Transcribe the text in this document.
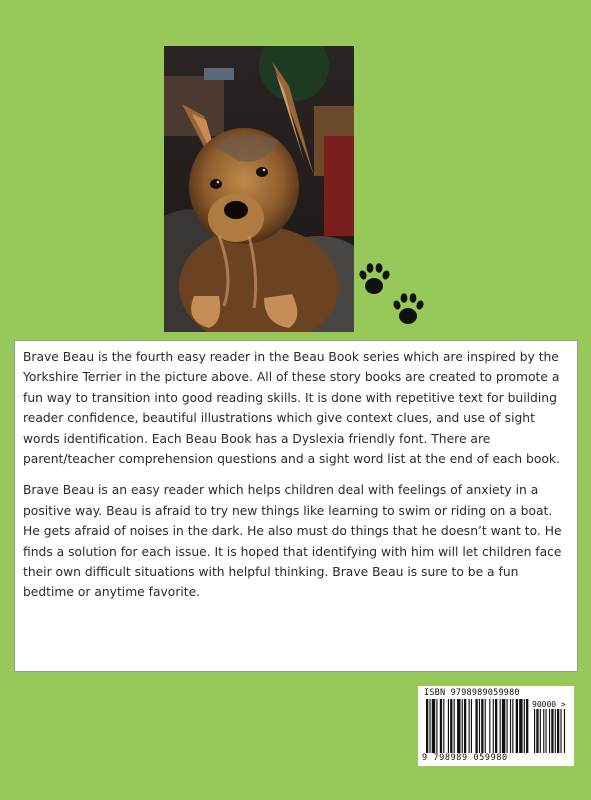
Brave Beau is the fourth easy reader in the Beau Book series which are inspired by the Yorkshire Terrier in the picture above. All of these story books are created to promote a fun way to transition into good reading skills. It is done with repetitive text for building reader confidence, beautiful illustrations which give context clues, and use of sight words identification. Each Beau Book has a Dyslexia friendly font. There are parent/teacher comprehension questions and a sight word list at the end of each book.

Brave Beau is an easy reader which helps children deal with feelings of anxiety in a positive way. Beau is afraid to try new things like learning to swim or riding on a boat. He gets afraid of noises in the dark. He also must do things that he doesn’t want to. He finds a solution for each issue. It is hoped that identifying with him will let children face their own difficult situations with helpful thinking. Brave Beau is sure to be a fun bedtime or anytime favorite.

ISBN 9798989059980
90000 >
9 798989 059980
